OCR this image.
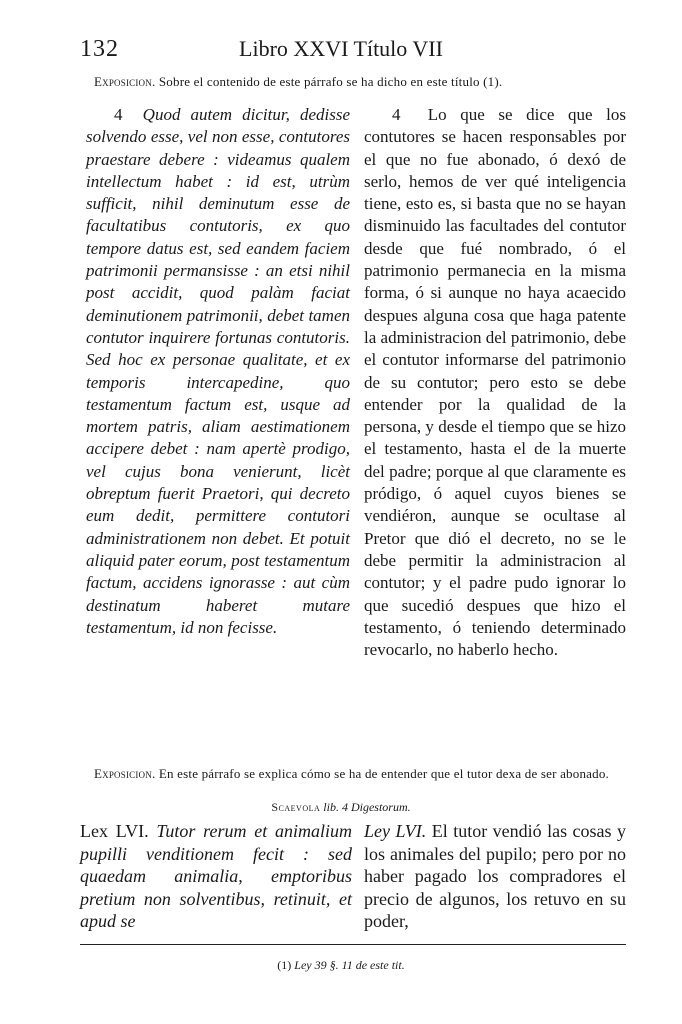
132	Libro XXVI Título VII
Exposicion. Sobre el contenido de este párrafo se ha dicho en este título (1).
4 Quod autem dicitur, dedisse solvendo esse, vel non esse, contutores praestare debere : videamus qualem intellectum habet : id est, utrùm sufficit, nihil deminutum esse de facultatibus contutoris, ex quo tempore datus est, sed eandem faciem patrimonii permansisse : an etsi nihil post accidit, quod palàm faciat deminutionem patrimonii, debet tamen contutor inquirere fortunas contutoris. Sed hoc ex personae qualitate, et ex temporis intercapedine, quo testamentum factum est, usque ad mortem patris, aliam aestimationem accipere debet : nam apertè prodigo, vel cujus bona venierunt, licèt obreptum fuerit Praetori, qui decreto eum dedit, permittere contutori administrationem non debet. Et potuit aliquid pater eorum, post testamentum factum, accidens ignorasse : aut cùm destinatum haberet mutare testamentum, id non fecisse.
4 Lo que se dice que los contutores se hacen responsables por el que no fue abonado, ó dexó de serlo, hemos de ver qué inteligencia tiene, esto es, si basta que no se hayan disminuido las facultades del contutor desde que fué nombrado, ó el patrimonio permanecia en la misma forma, ó si aunque no haya acaecido despues alguna cosa que haga patente la administracion del patrimonio, debe el contutor informarse del patrimonio de su contutor; pero esto se debe entender por la qualidad de la persona, y desde el tiempo que se hizo el testamento, hasta el de la muerte del padre; porque al que claramente es pródigo, ó aquel cuyos bienes se vendiéron, aunque se ocultase al Pretor que dió el decreto, no se le debe permitir la administracion al contutor; y el padre pudo ignorar lo que sucedió despues que hizo el testamento, ó teniendo determinado revocarlo, no haberlo hecho.
Exposicion. En este párrafo se explica cómo se ha de entender que el tutor dexa de ser abonado.
Scaevola lib. 4 Digestorum.
Lex LVI. Tutor rerum et animalium pupilli venditionem fecit : sed quaedam animalia, emptoribus pretium non solventibus, retinuit, et apud se
Ley LVI. El tutor vendió las cosas y los animales del pupilo; pero por no haber pagado los compradores el precio de algunos, los retuvo en su poder,
(1) Ley 39 §. 11 de este tit.
